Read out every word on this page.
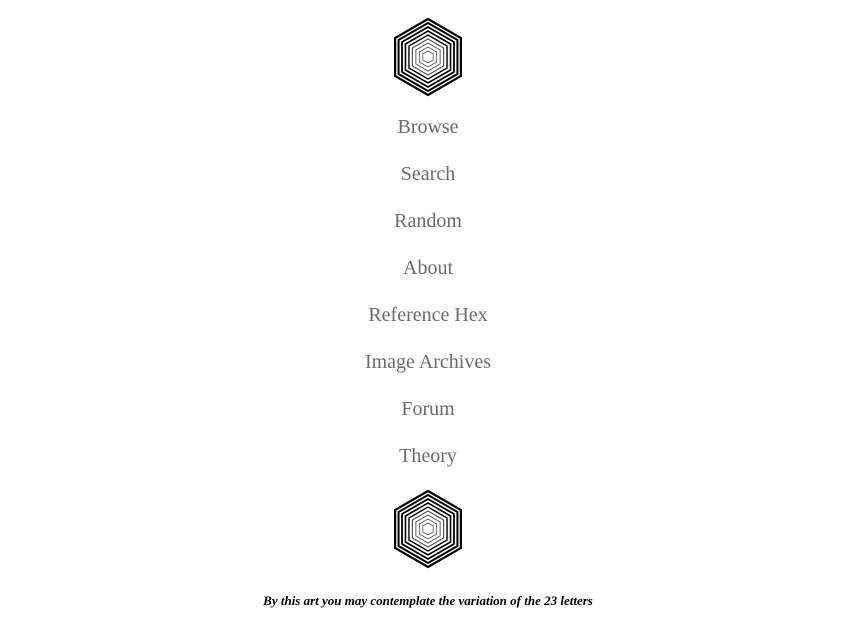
Browse
Search
Random
About
Reference Hex
Image Archives
Forum
Theory
By this art you may contemplate the variation of the 23 letters
